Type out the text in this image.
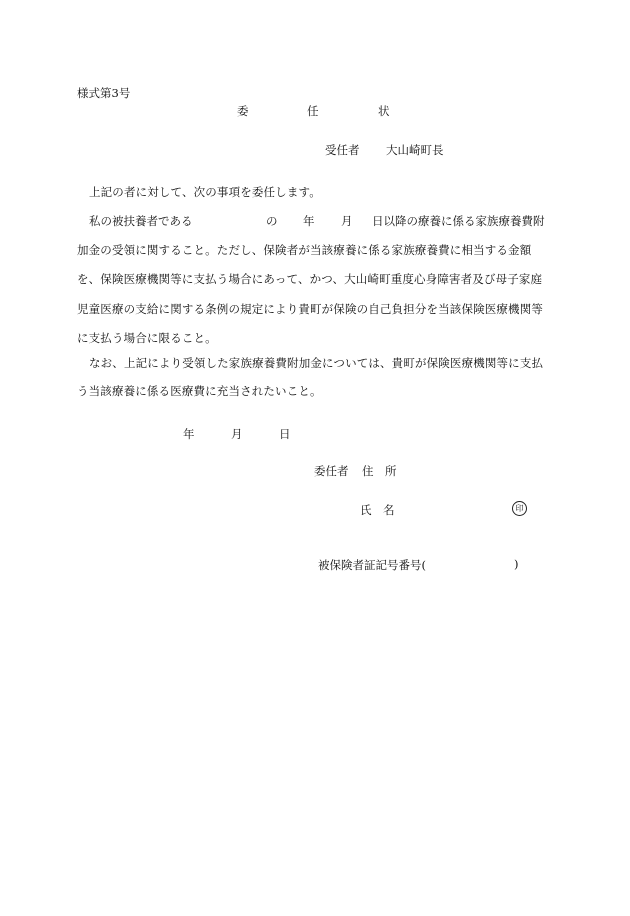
様式第3号
委	任	状
受任者 大山崎町長
上記の者に対して、次の事項を委任します。
私の被扶養者である	の 年 月 日以降の療養に係る家族療養費附
加金の受領に関すること。ただし、保険者が当該療養に係る家族療養費に相当する金額
を、保険医療機関等に支払う場合にあって、かつ、大山崎町重度心身障害者及び母子家庭
児童医療の支給に関する条例の規定により貴町が保険の自己負担分を当該保険医療機関等
に支払う場合に限ること。
なお、上記により受領した家族療養費附加金については、貴町が保険医療機関等に支払
う当該療養に係る医療費に充当されたいこと。
年	月	日
委任者 住　所
氏　名	印
被保険者証記号番号(	)
